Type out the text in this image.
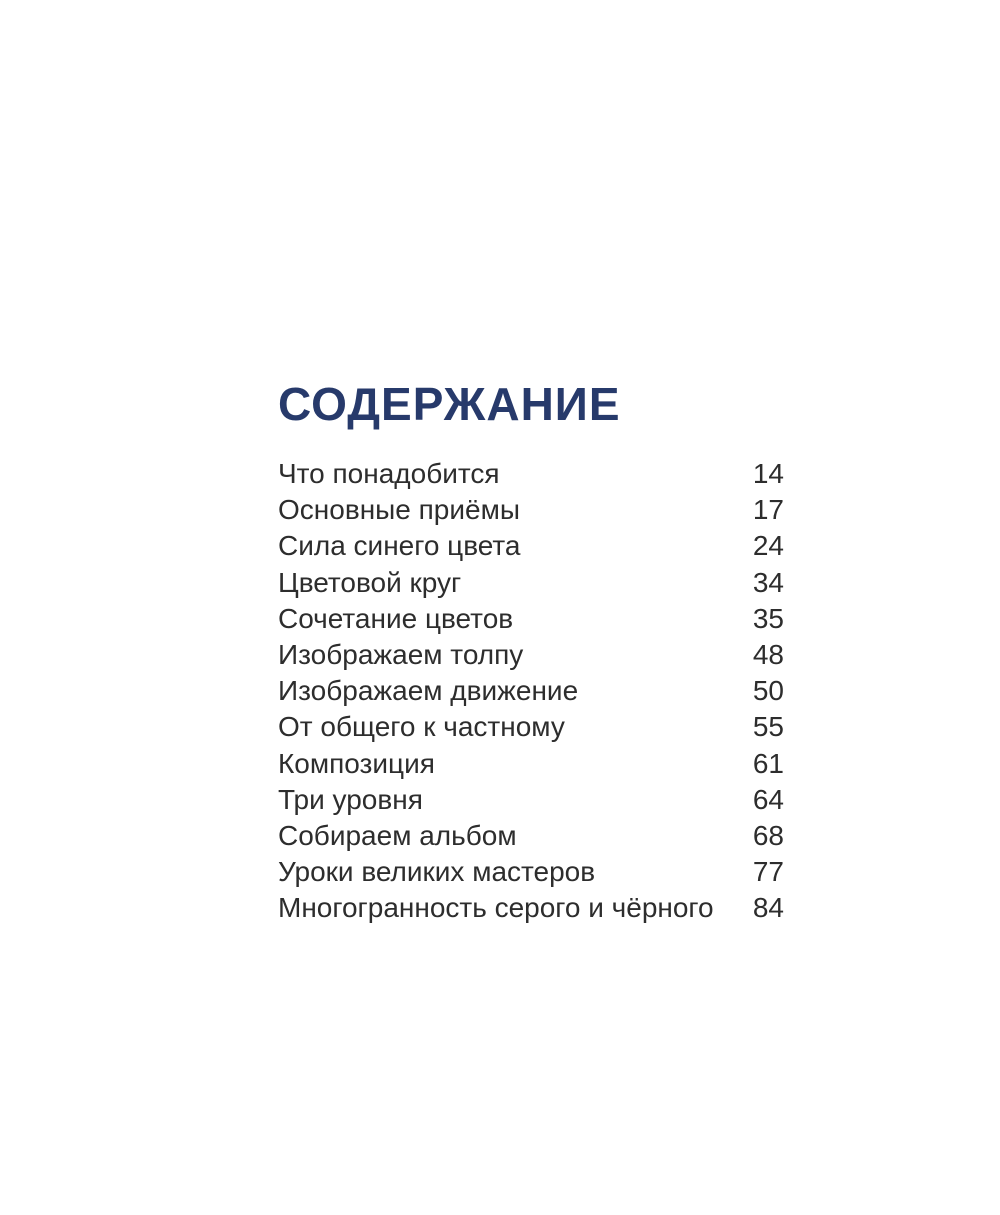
СОДЕРЖАНИЕ
Что понадобится	14
Основные приёмы	17
Сила синего цвета	24
Цветовой круг	34
Сочетание цветов	35
Изображаем толпу	48
Изображаем движение	50
От общего к частному	55
Композиция	61
Три уровня	64
Собираем альбом	68
Уроки великих мастеров	77
Многогранность серого и чёрного 84
